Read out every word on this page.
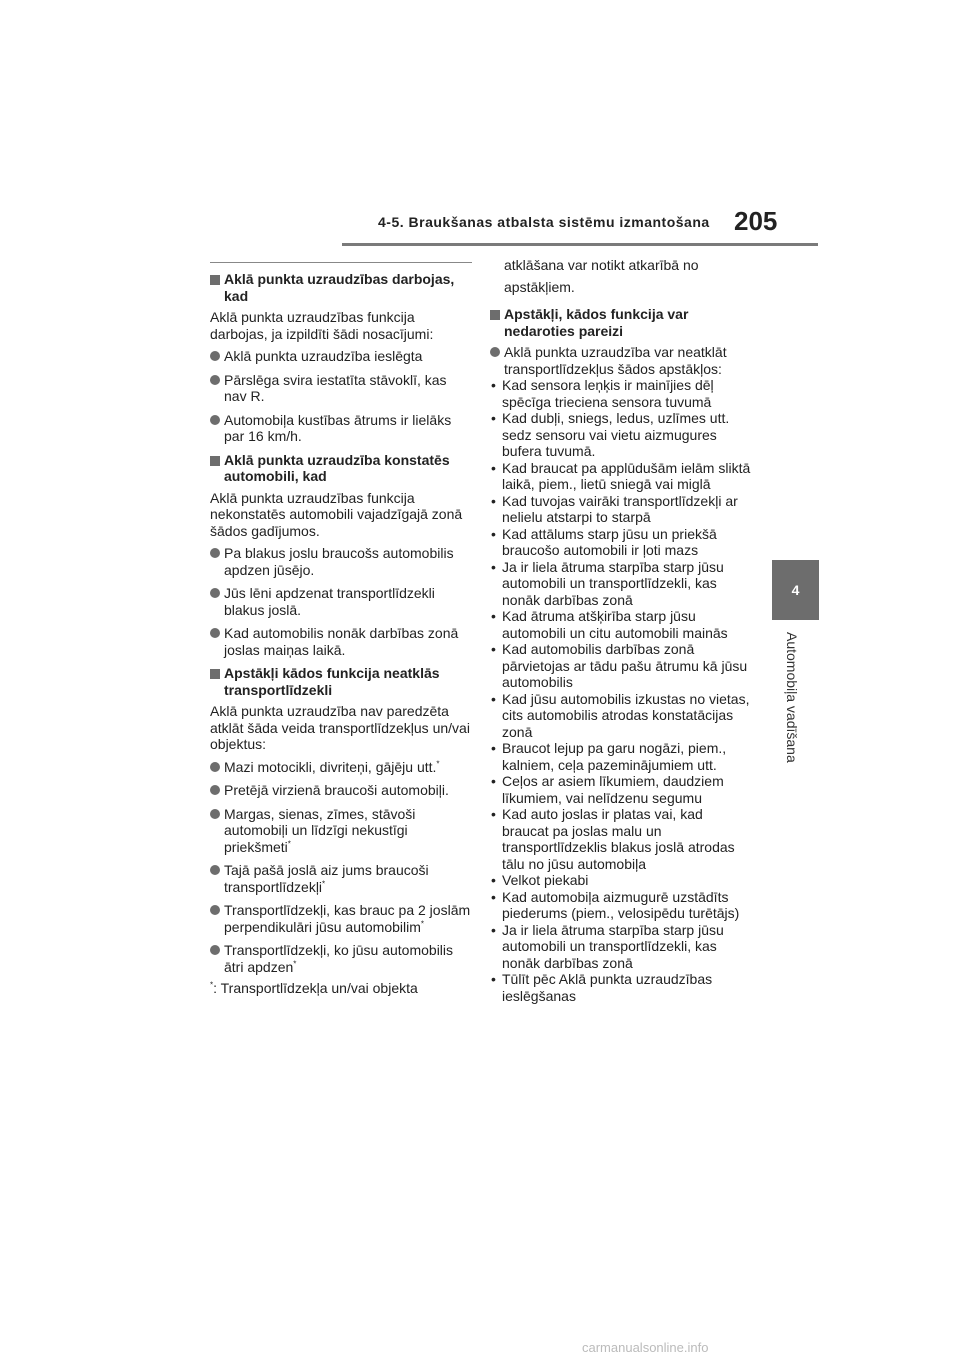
4-5. Braukšanas atbalsta sistēmu izmantošana 205
4
Automobiļa vadīšana
Aklā punkta uzraudzības darbojas, kad
Aklā punkta uzraudzības funkcija darbojas, ja izpildīti šādi nosacījumi:
Aklā punkta uzraudzība ieslēgta
Pārslēga svira iestatīta stāvoklī, kas nav R.
Automobiļa kustības ātrums ir lielāks par 16 km/h.
Aklā punkta uzraudzība konstatēs automobili, kad
Aklā punkta uzraudzības funkcija nekonstatēs automobili vajadzīgajā zonā šādos gadījumos.
Pa blakus joslu braucošs automobilis apdzen jūsējo.
Jūs lēni apdzenat transportlīdzekli blakus joslā.
Kad automobilis nonāk darbības zonā joslas maiņas laikā.
Apstākļi kādos funkcija neatklās transportlīdzekli
Aklā punkta uzraudzība nav paredzēta atklāt šāda veida transportlīdzekļus un/vai objektus:
Mazi motocikli, divriteņi, gājēju utt.*
Pretējā virzienā braucoši automobiļi.
Margas, sienas, zīmes, stāvoši automobiļi un līdzīgi nekustīgi priekšmeti*
Tajā pašā joslā aiz jums braucoši transportlīdzekļi*
Transportlīdzekļi, kas brauc pa 2 joslām perpendikulāri jūsu automobilim*
Transportlīdzekļi, ko jūsu automobilis ātri apdzen*
*: Transportlīdzekļa un/vai objekta
atklāšana var notikt atkarībā no apstākļiem.
Apstākļi, kādos funkcija var nedaroties pareizi
Aklā punkta uzraudzība var neatklāt transportlīdzekļus šādos apstākļos:
• Kad sensora leņķis ir mainījies dēļ spēcīga trieciena sensora tuvumā
• Kad dubļi, sniegs, ledus, uzlīmes utt. sedz sensoru vai vietu aizmugures bufera tuvumā.
• Kad braucat pa applūdušām ielām sliktā laikā, piem., lietū sniegā vai miglā
• Kad tuvojas vairāki transportlīdzekļi ar nelielu atstarpi to starpā
• Kad attālums starp jūsu un priekšā braucošo automobili ir ļoti mazs
• Ja ir liela ātruma starpība starp jūsu automobili un transportlīdzekli, kas nonāk darbības zonā
• Kad ātruma atšķirība starp jūsu automobili un citu automobili mainās
• Kad automobilis darbības zonā pārvietojas ar tādu pašu ātrumu kā jūsu automobilis
• Kad jūsu automobilis izkustas no vietas, cits automobilis atrodas konstatācijas zonā
• Braucot lejup pa garu nogāzi, piem., kalniem, ceļa pazeminājumiem utt.
• Ceļos ar asiem līkumiem, daudziem līkumiem, vai nelīdzenu segumu
• Kad auto joslas ir platas vai, kad braucat pa joslas malu un transportlīdzeklis blakus joslā atrodas tālu no jūsu automobiļa
• Velkot piekabi
• Kad automobiļa aizmugurē uzstādīts piederums (piem., velosipēdu turētājs)
• Ja ir liela ātruma starpība starp jūsu automobili un transportlīdzekli, kas nonāk darbības zonā
• Tūlīt pēc Aklā punkta uzraudzības ieslēgšanas
carmanualsonline.info
